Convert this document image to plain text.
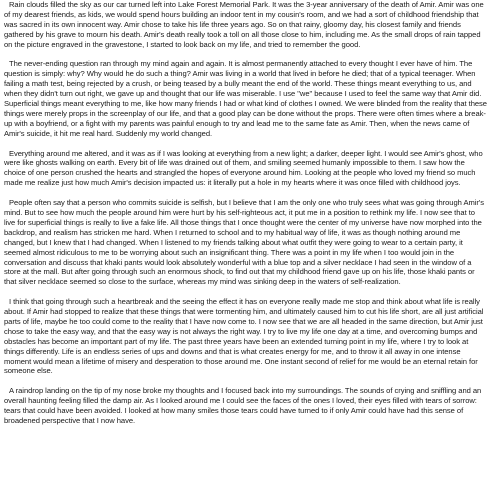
Rain clouds filled the sky as our car turned left into Lake Forest Memorial Park. It was the 3-year anniversary of the death of Amir. Amir was one of my dearest friends, as kids, we would spend hours building an indoor tent in my cousin's room, and we had a sort of childhood friendship that was sacred in its own innocent way. Amir chose to take his life three years ago. So on that rainy, gloomy day, his closest family and friends gathered by his grave to mourn his death. Amir's death really took a toll on all those close to him, including me. As the small drops of rain tapped on the picture engraved in the gravestone, I started to look back on my life, and tried to remember the good.

The never-ending question ran through my mind again and again. It is almost permanently attached to every thought I ever have of him. The question is simply: why? Why would he do such a thing? Amir was living in a world that lived in before he died; that of a typical teenager. When failing a math test, being rejected by a crush, or being teased by a bully meant the end of the world. These things meant everything to us, and when they didn't turn out right, we gave up and thought that our life was miserable. I use "we" because I used to feel the same way that Amir did. Superficial things meant everything to me, like how many friends I had or what kind of clothes I owned. We were blinded from the reality that these things were merely props in the screenplay of our life, and that a good play can be done without the props. There were often times where a break-up with a boyfriend, or a fight with my parents was painful enough to try and lead me to the same fate as Amir. Then, when the news came of Amir's suicide, it hit me real hard. Suddenly my world changed.

Everything around me altered, and it was as if I was looking at everything from a new light; a darker, deeper light. I would see Amir's ghost, who were like ghosts walking on earth. Every bit of life was drained out of them, and smiling seemed humanly impossible to them. I saw how the choice of one person crushed the hearts and strangled the hopes of everyone around him. Looking at the people who loved my friend so much made me realize just how much Amir's decision impacted us: it literally put a hole in my hearts where it was once filled with childhood joys.

People often say that a person who commits suicide is selfish, but I believe that I am the only one who truly sees what was going through Amir's mind. But to see how much the people around him were hurt by his self-righteous act, it put me in a position to rethink my life. I now see that to live for superficial things is really to live a fake life. All those things that I once thought were the center of my universe have now morphed into the backdrop, and realism has stricken me hard. When I returned to school and to my habitual way of life, it was as though nothing around me changed, but I knew that I had changed. When I listened to my friends talking about what outfit they were going to wear to a certain party, it seemed almost ridiculous to me to be worrying about such an insignificant thing. There was a point in my life when I too would join in the conversation and discuss that khaki pants would look absolutely wonderful with a blue top and a silver necklace I had seen in the window of a store at the mall. But after going through such an enormous shock, to find out that my childhood friend gave up on his life, those khaki pants or that silver necklace seemed so close to the surface, whereas my mind was sinking deep in the waters of self-realization.

I think that going through such a heartbreak and the seeing the effect it has on everyone really made me stop and think about what life is really about. If Amir had stopped to realize that these things that were tormenting him, and ultimately caused him to cut his life short, are all just artificial parts of life, maybe he too could come to the reality that I have now come to. I now see that we are all headed in the same direction, but Amir just chose to take the easy way, and that the easy way is not always the right way. I try to live my life one day at a time, and overcoming bumps and obstacles has become an important part of my life. The past three years have been an extended turning point in my life, where I try to look at things differently. Life is an endless series of ups and downs and that is what creates energy for me, and to throw it all away in one intense moment would mean a lifetime of misery and desperation to those around me. One instant second of relief for me would be an eternal retain for someone else.

A raindrop landing on the tip of my nose broke my thoughts and I focused back into my surroundings. The sounds of crying and sniffling and an overall haunting feeling filled the damp air. As I looked around me I could see the faces of the ones I loved, their eyes filled with tears of sorrow: tears that could have been avoided. I looked at how many smiles those tears could have turned to if only Amir could have had this sense of broadened perspective that I now have.
